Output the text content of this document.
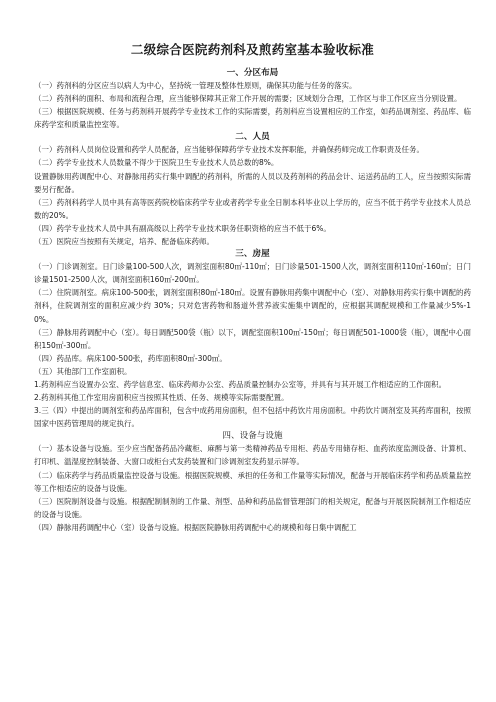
二级综合医院药剂科及煎药室基本验收标准
一、分区布局

（一）药剂科的分区应当以病人为中心，坚持统一管理及整体性原则，确保其功能与任务的落实。

（二）药剂科的面积、布局和流程合理，应当能够保障其正常工作开展的需要；区域划分合理，工作区与非工作区应当分别设置。

（三）根据医院规模、任务与药剂科开展药学专业技术工作的实际需要，药剂科应当设置相应的工作室，如药品调剂室、药品库、临床药学室和质量监控室等。

二、人员

（一）药剂科人员岗位设置和药学人员配备，应当能够保障药学专业技术发挥职能，并确保药师完成工作职责及任务。

（二）药学专业技术人员数量不得少于医院卫生专业技术人员总数的8%。

设置静脉用药调配中心、对静脉用药实行集中调配的药剂科，所需的人员以及药剂科的药品会计、运送药品的工人，应当按照实际需要另行配备。

（三）药剂科药学人员中具有高等医药院校临床药学专业或者药学专业全日制本科毕业以上学历的，应当不低于药学专业技术人员总数的20%。

（四）药学专业技术人员中具有副高级以上药学专业技术职务任职资格的应当不低于6%。

（五）医院应当按照有关规定，培养、配备临床药师。

三、房屋

（一）门诊调剂室。日门诊量100-500人次，调剂室面积80㎡-110㎡；日门诊量501-1500人次，调剂室面积110㎡-160㎡；日门诊量1501-2500人次，调剂室面积160㎡-200㎡。

（二）住院调剂室。病床100-500张，调剂室面积80㎡-180㎡。设置有静脉用药集中调配中心（室）、对静脉用药实行集中调配的药剂科，住院调剂室的面积应减少约 30%；只对危害药物和肠道外营养液实施集中调配的，应根据其调配规模和工作量减少5%-10%。

（三）静脉用药调配中心（室）。每日调配500袋（瓶）以下，调配室面积100㎡-150㎡；每日调配501-1000袋（瓶），调配中心面积150㎡-300㎡。

（四）药品库。病床100-500张，药库面积80㎡-300㎡。

（五）其他部门工作室面积。

1.药剂科应当设置办公室、药学信息室、临床药师办公室、药品质量控制办公室等，并具有与其开展工作相适应的工作面积。

2.药剂科其他工作室用房面积应当按照其性质、任务、规模等实际需要配置。

3.三（四）中提出的调剂室和药品库面积，包含中成药用房面积，但不包括中药饮片用房面积。中药饮片调剂室及其药库面积，按照国家中医药管理局的规定执行。

四、设备与设施

（一）基本设备与设施。至少应当配备药品冷藏柜、麻醉与第一类精神药品专用柜、药品专用储存柜、血药浓度监测设备、计算机、打印机、温湿度控制装备、大窗口或柜台式发药装置和门诊调剂室发药显示屏等。

（二）临床药学与药品质量监控设备与设施。根据医院规模、承担的任务和工作量等实际情况，配备与开展临床药学和药品质量监控等工作相适应的设备与设施。

（三）医院制剂设备与设施。根据配制制剂的工作量、剂型、品种和药品监督管理部门的相关规定，配备与开展医院制剂工作相适应的设备与设施。

（四）静脉用药调配中心（室）设备与设施。根据医院静脉用药调配中心的规模和每日集中调配工
